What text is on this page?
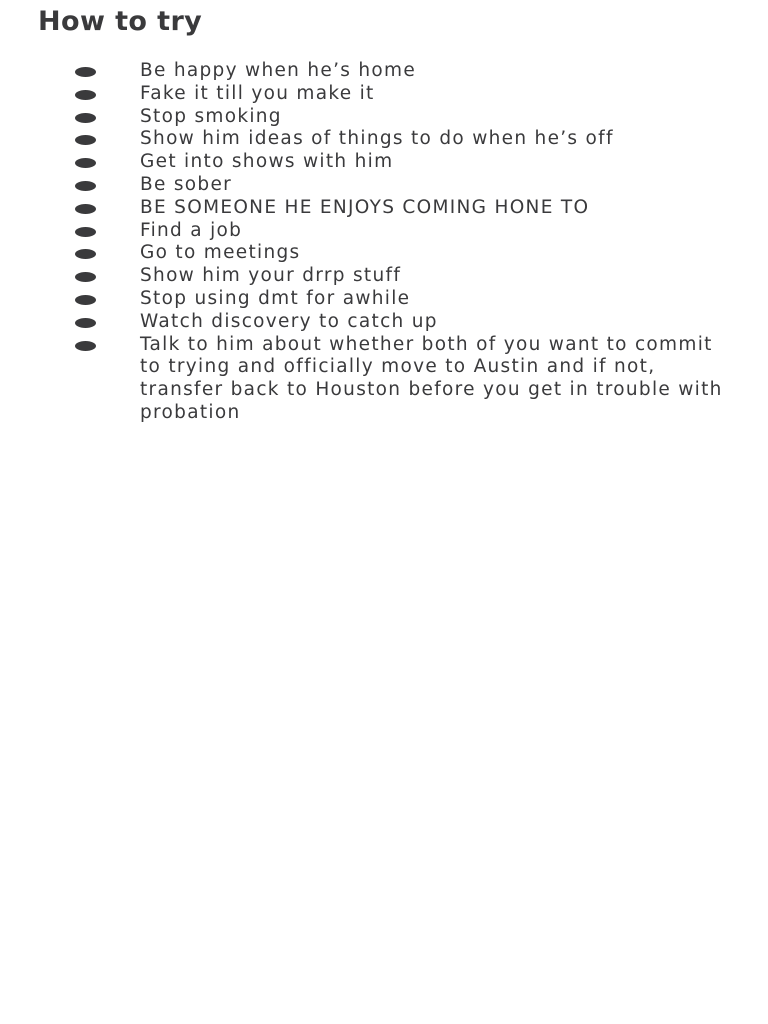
How to try
Be happy when he’s home
Fake it till you make it
Stop smoking
Show him ideas of things to do when he’s off
Get into shows with him
Be sober
BE SOMEONE HE ENJOYS COMING HONE TO
Find a job
Go to meetings
Show him your drrp stuff
Stop using dmt for awhile
Watch discovery to catch up
Talk to him about whether both of you want to commit to trying and officially move to Austin and if not, transfer back to Houston before you get in trouble with probation
